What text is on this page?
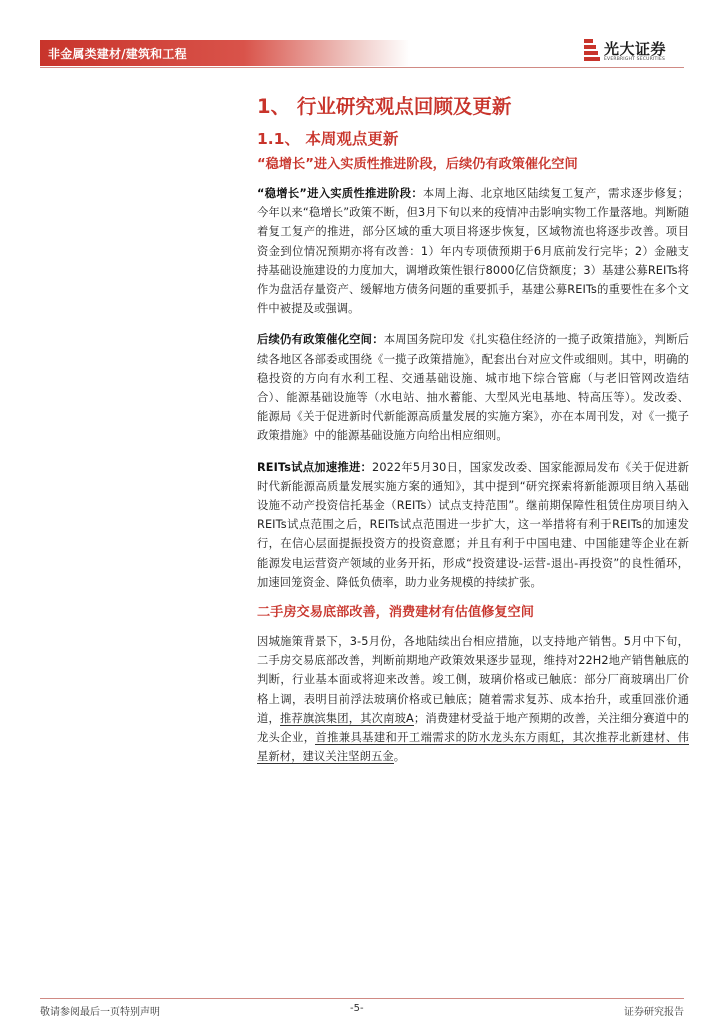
非金属类建材/建筑和工程	光大证券
EVERBRIGHT SECURITIES
1、 行业研究观点回顾及更新
1.1、 本周观点更新
“稳增长”进入实质性推进阶段，后续仍有政策催化空间
“稳增长”进入实质性推进阶段：本周上海、北京地区陆续复工复产，需求逐步修复；今年以来“稳增长”政策不断，但3月下旬以来的疫情冲击影响实物工作量落地。判断随着复工复产的推进，部分区域的重大项目将逐步恢复，区域物流也将逐步改善。项目资金到位情况预期亦将有改善：1）年内专项债预期于6月底前发行完毕；2）金融支持基础设施建设的力度加大，调增政策性银行8000亿信贷额度；3）基建公募REITs将作为盘活存量资产、缓解地方债务问题的重要抓手，基建公募REITs的重要性在多个文件中被提及或强调。
后续仍有政策催化空间：本周国务院印发《扎实稳住经济的一揽子政策措施》，判断后续各地区各部委或围绕《一揽子政策措施》，配套出台对应文件或细则。其中，明确的稳投资的方向有水利工程、交通基础设施、城市地下综合管廊（与老旧管网改造结合）、能源基础设施等（水电站、抽水蓄能、大型风光电基地、特高压等）。发改委、能源局《关于促进新时代新能源高质量发展的实施方案》，亦在本周刊发，对《一揽子政策措施》中的能源基础设施方向给出相应细则。
REITs试点加速推进：2022年5月30日，国家发改委、国家能源局发布《关于促进新时代新能源高质量发展实施方案的通知》，其中提到“研究探索将新能源项目纳入基础设施不动产投资信托基金（REITs）试点支持范围”。继前期保障性租赁住房项目纳入REITs试点范围之后，REITs试点范围进一步扩大，这一举措将有利于REITs的加速发行，在信心层面提振投资方的投资意愿；并且有利于中国电建、中国能建等企业在新能源发电运营资产领域的业务开拓，形成“投资建设-运营-退出-再投资”的良性循环，加速回笼资金、降低负债率，助力业务规模的持续扩张。
二手房交易底部改善，消费建材有估值修复空间
因城施策背景下，3-5月份，各地陆续出台相应措施，以支持地产销售。5月中下旬，二手房交易底部改善，判断前期地产政策效果逐步显现，维持对22H2地产销售触底的判断，行业基本面或将迎来改善。竣工侧，玻璃价格或已触底：部分厂商玻璃出厂价格上调，表明目前浮法玻璃价格或已触底；随着需求复苏、成本抬升，或重回涨价通道，推荐旗滨集团，其次南玻A；消费建材受益于地产预期的改善，关注细分赛道中的龙头企业，首推兼具基建和开工端需求的防水龙头东方雨虹，其次推荐北新建材、伟星新材，建议关注坚朗五金。
敬请参阅最后一页特别声明	-5-	证券研究报告
